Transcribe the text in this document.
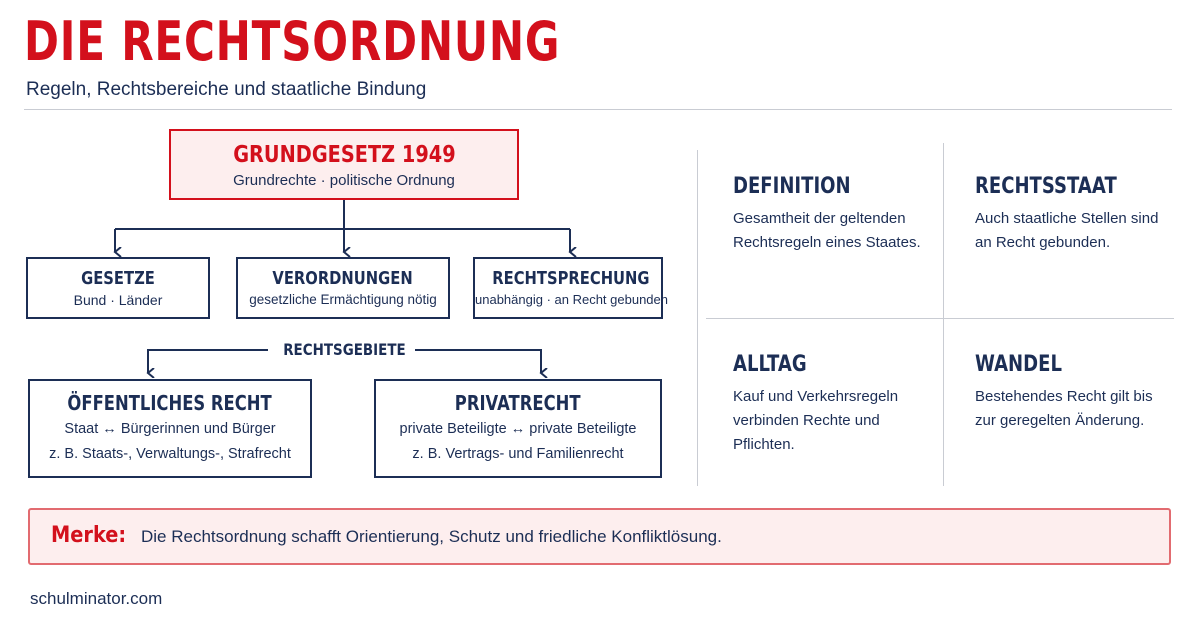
DIE RECHTSORDNUNG
Regeln, Rechtsbereiche und staatliche Bindung
GRUNDGESETZ 1949
Grundrechte · politische Ordnung
GESETZE
Bund · Länder
VERORDNUNGEN
gesetzliche Ermächtigung nötig
RECHTSPRECHUNG
unabhängig · an Recht gebunden
RECHTSGEBIETE
ÖFFENTLICHES RECHT
Staat ↔ Bürgerinnen und Bürger
z. B. Staats-, Verwaltungs-, Strafrecht
PRIVATRECHT
private Beteiligte ↔ private Beteiligte
z. B. Vertrags- und Familienrecht
DEFINITION
Gesamtheit der geltenden Rechtsregeln eines Staates.
RECHTSSTAAT
Auch staatliche Stellen sind an Recht gebunden.
ALLTAG
Kauf und Verkehrsregeln verbinden Rechte und Pflichten.
WANDEL
Bestehendes Recht gilt bis zur geregelten Änderung.
Merke: Die Rechtsordnung schafft Orientierung, Schutz und friedliche Konfliktlösung.
schulminator.com
